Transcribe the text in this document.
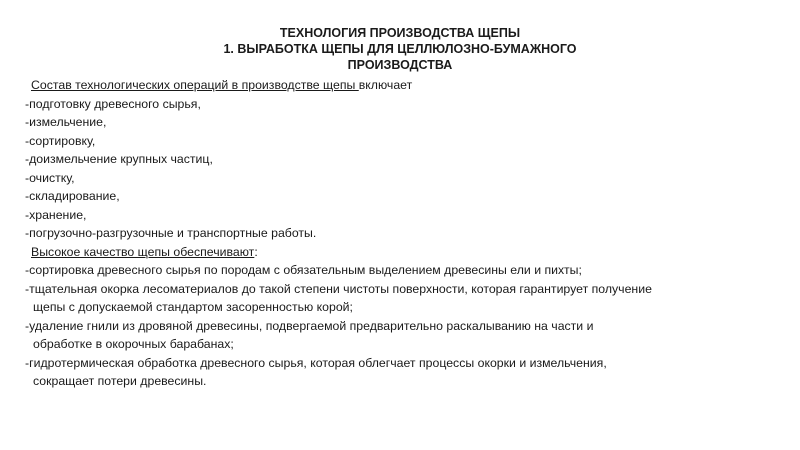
ТЕХНОЛОГИЯ ПРОИЗВОДСТВА ЩЕПЫ
1. ВЫРАБОТКА ЩЕПЫ ДЛЯ ЦЕЛЛЮЛОЗНО-БУМАЖНОГО
ПРОИЗВОДСТВА
Состав технологических операций в производстве щепы включает
-подготовку древесного сырья,
-измельчение,
-сортировку,
-доизмельчение крупных частиц,
-очистку,
-складирование,
-хранение,
-погрузочно-разгрузочные и транспортные работы.
Высокое качество щепы обеспечивают:
-сортировка древесного сырья по породам с обязательным выделением древесины ели и пихты;
-тщательная окорка лесоматериалов до такой степени чистоты поверхности, которая гарантирует получение
щепы с допускаемой стандартом засоренностью корой;
-удаление гнили из дровяной древесины, подвергаемой предварительно раскалыванию на части и
обработке в окорочных барабанах;
-гидротермическая обработка древесного сырья, которая облегчает процессы окорки и измельчения,
сокращает потери древесины.
